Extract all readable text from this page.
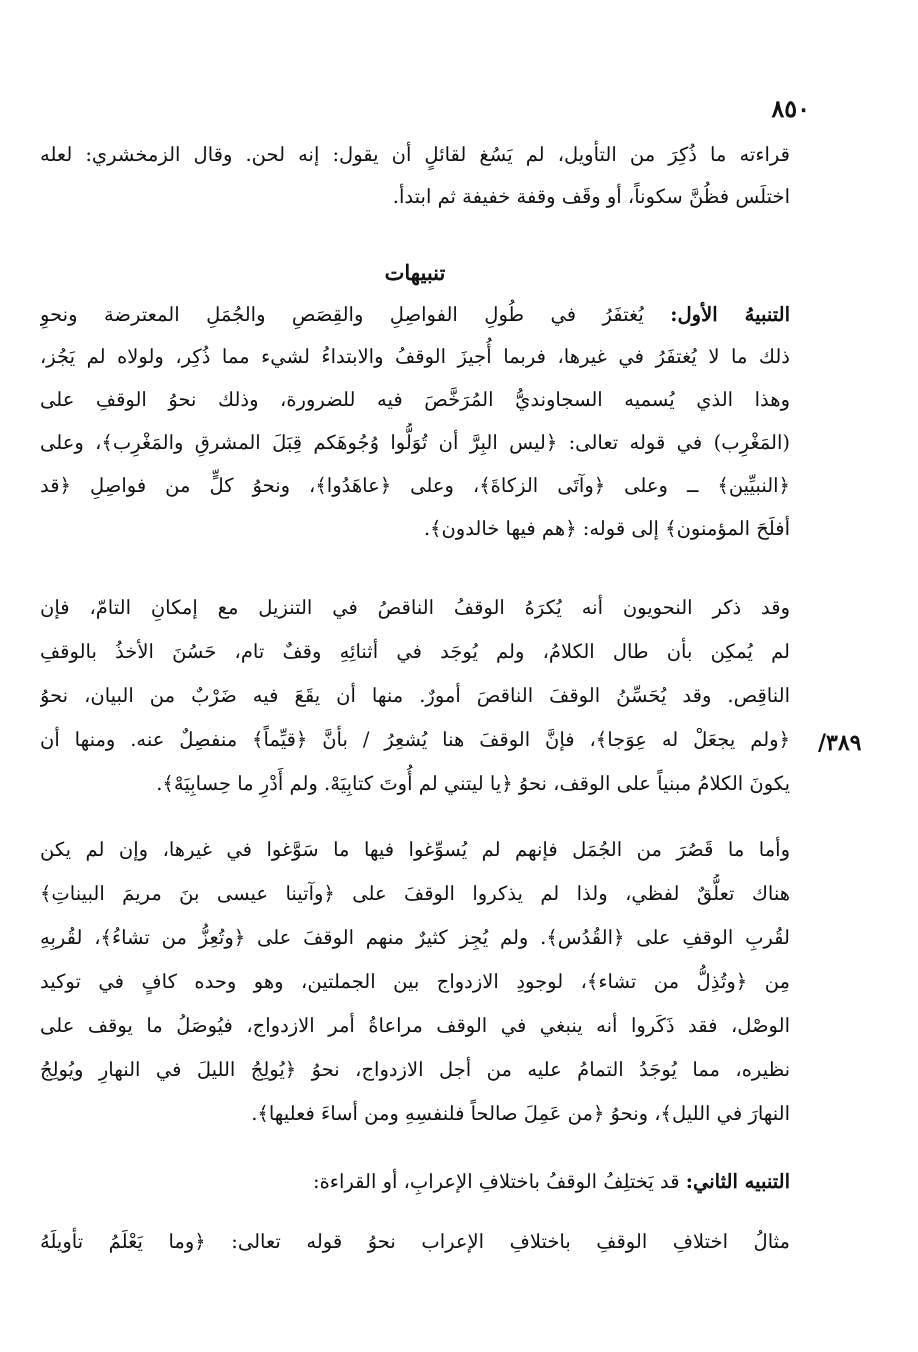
٨٥٠
٣٨٩/
قراءته ما ذُكِرَ من التأويل، لم يَسُغ لقائلٍ أن يقول: إنه لحن. وقال الزمخشري: لعله
اختلَس فظُنَّ سكوناً، أو وقَف وقفة خفيفة ثم ابتدأ.
تنبيهات
التنبيهُ الأول: يُغتفَرُ في طُولِ الفواصِلِ والقِصَصِ والجُمَلِ المعترضة ونحوِ
ذلك ما لا يُغتفَرُ في غيرها، فربما أُجيزَ الوقفُ والابتداءُ لشيء مما ذُكِر، ولولاه لم يَجُز،
وهذا الذي يُسميه السجاونديُّ المُرَخَّصَ فيه للضرورة، وذلك نحوُ الوقفِ على
(المَغْرِب) في قوله تعالى: ﴿ليس البِرَّ أن تُوَلُّوا وُجُوهَكم قِبَلَ المشرقِ والمَغْرِب﴾، وعلى
﴿النبيِّين﴾ ــ وعلى ﴿وآتَى الزكاةَ﴾، وعلى ﴿عاهَدُوا﴾، ونحوُ كلٍّ من فواصِلِ ﴿قد
أفلَحَ المؤمنون﴾ إلى قوله: ﴿هم فيها خالدون﴾.
وقد ذكر النحويون أنه يُكرَهُ الوقفُ الناقصُ في التنزيل مع إمكانِ التامّ، فإن
لم يُمكِن بأن طال الكلامُ، ولم يُوجَد في أثنائِهِ وقفٌ تام، حَسُنَ الأخذُ بالوقفِ
الناقِص. وقد يُحَسِّنُ الوقفَ الناقصَ أمورٌ. منها أن يقَعَ فيه ضَرْبٌ من البيان، نحوُ
﴿ولم يجعَلْ له عِوَجا﴾، فإنَّ الوقفَ هنا يُشعِرُ / بأنَّ ﴿قيِّماً﴾ منفصِلٌ عنه. ومنها أن
يكونَ الكلامُ مبنياً على الوقف، نحوُ ﴿يا ليتني لم أُوتَ كتابِيَهْ. ولم أَدْرِ ما حِسابِيَهْ﴾.
وأما ما قَصُرَ من الجُمَل فإنهم لم يُسوِّغوا فيها ما سَوَّغوا في غيرها، وإن لم يكن
هناك تعلُّقٌ لفظي، ولذا لم يذكروا الوقفَ على ﴿وآتينا عيسى بنَ مريمَ البيناتِ﴾
لقُربِ الوقفِ على ﴿القُدُس﴾. ولم يُجِز كثيرٌ منهم الوقفَ على ﴿وتُعِزُّ من تشاءُ﴾، لقُربِهِ
مِن ﴿وتُذِلُّ من تشاء﴾، لوجودِ الازدواج بين الجملتين، وهو وحده كافٍ في توكيد
الوصْل، فقد ذَكَروا أنه ينبغي في الوقف مراعاةُ أمر الازدواج، فيُوصَلُ ما يوقف على
نظيره، مما يُوجَدُ التمامُ عليه من أجل الازدواج، نحوُ ﴿يُولِجُ الليلَ في النهارِ ويُولِجُ
النهارَ في الليل﴾، ونحوُ ﴿من عَمِلَ صالحاً فلنفسِهِ ومن أساءَ فعليها﴾.
التنبيه الثاني: قد يَختلِفُ الوقفُ باختلافِ الإعرابِ، أو القراءة:
مثالُ اختلافِ الوقفِ باختلافِ الإعراب نحوُ قوله تعالى: ﴿وما يَعْلَمُ تأويلَهُ
